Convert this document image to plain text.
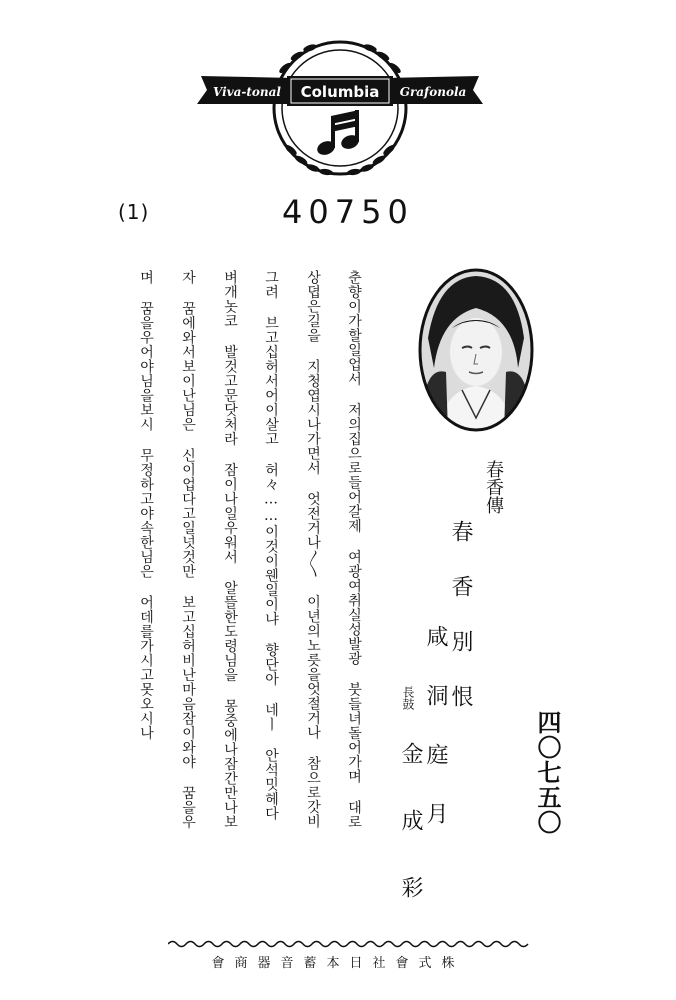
Viva-tonal Columbia Grafonola
(1)	40750
四〇七五〇
春香傳
春 香 別 恨
咸 洞 庭 月
長鼓
金 成 彩
춘향이가할일업서 저의집으로들어갈제 여광여취실성발광 붓들녀돌어가며 대로
상뎝은길을 지청엽시나가면서 엇전거나〳〵 이년의노릇을엇절거나 참으로갓비
그려 브고십허서어이살고 허々……이것이웬일이냐 향단아 네ㅣ 안석밋헤다
벼개놋코 발것고문닷처라 잠이나일우워서 알뜰한도령님을 몽중에나잠간만나보
자 꿈에와서보이난님은 신이업다고일넛것만 보고십허비난마음잠이와야 꿈을우
며 꿈을우어야님을보시 무정하고야속한님은 어데를가시고못오시나
株式會社日本蓄音器商會
